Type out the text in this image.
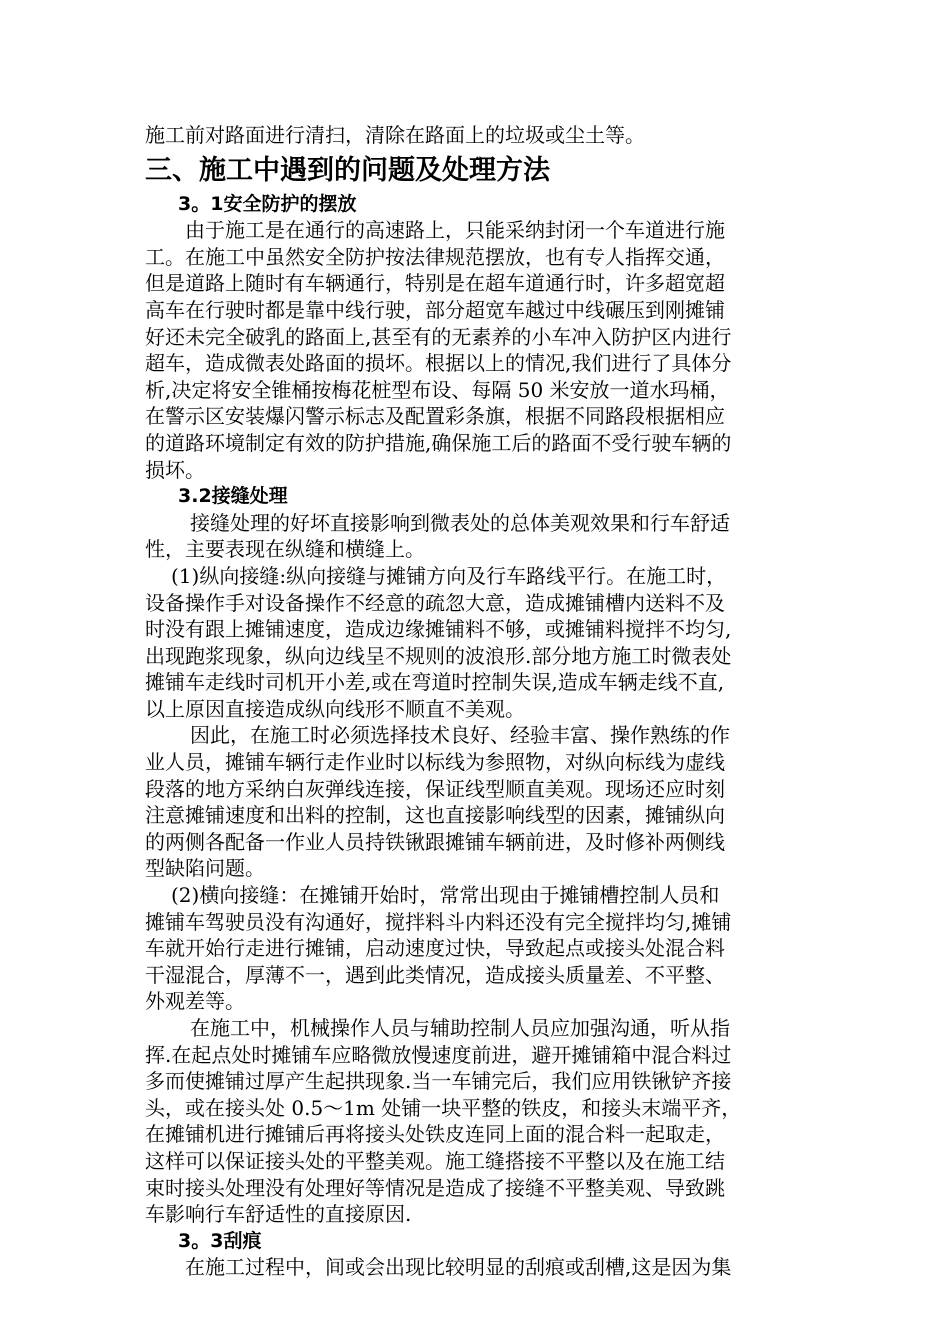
施工前对路面进行清扫，清除在路面上的垃圾或尘土等。
三、施工中遇到的问题及处理方法
3。1安全防护的摆放
由于施工是在通行的高速路上，只能采纳封闭一个车道进行施
工。在施工中虽然安全防护按法律规范摆放，也有专人指挥交通，
但是道路上随时有车辆通行，特别是在超车道通行时，许多超宽超
高车在行驶时都是靠中线行驶，部分超宽车越过中线碾压到刚摊铺
好还未完全破乳的路面上,甚至有的无素养的小车冲入防护区内进行
超车，造成微表处路面的损坏。根据以上的情况,我们进行了具体分
析,决定将安全锥桶按梅花桩型布设、每隔 50 米安放一道水玛桶，
在警示区安装爆闪警示标志及配置彩条旗，根据不同路段根据相应
的道路环境制定有效的防护措施,确保施工后的路面不受行驶车辆的
损坏。
3.2接缝处理
接缝处理的好坏直接影响到微表处的总体美观效果和行车舒适
性，主要表现在纵缝和横缝上。
(1)纵向接缝:纵向接缝与摊铺方向及行车路线平行。在施工时，
设备操作手对设备操作不经意的疏忽大意，造成摊铺槽内送料不及
时没有跟上摊铺速度，造成边缘摊铺料不够，或摊铺料搅拌不均匀,
出现跑浆现象，纵向边线呈不规则的波浪形.部分地方施工时微表处
摊铺车走线时司机开小差,或在弯道时控制失误,造成车辆走线不直,
以上原因直接造成纵向线形不顺直不美观。
因此，在施工时必须选择技术良好、经验丰富、操作熟练的作
业人员，摊铺车辆行走作业时以标线为参照物，对纵向标线为虚线
段落的地方采纳白灰弹线连接，保证线型顺直美观。现场还应时刻
注意摊铺速度和出料的控制，这也直接影响线型的因素，摊铺纵向
的两侧各配备一作业人员持铁锹跟摊铺车辆前进，及时修补两侧线
型缺陷问题。
(2)横向接缝：在摊铺开始时，常常出现由于摊铺槽控制人员和
摊铺车驾驶员没有沟通好，搅拌料斗内料还没有完全搅拌均匀,摊铺
车就开始行走进行摊铺，启动速度过快，导致起点或接头处混合料
干湿混合，厚薄不一，遇到此类情况，造成接头质量差、不平整、
外观差等。
在施工中，机械操作人员与辅助控制人员应加强沟通，听从指
挥.在起点处时摊铺车应略微放慢速度前进，避开摊铺箱中混合料过
多而使摊铺过厚产生起拱现象.当一车铺完后，我们应用铁锹铲齐接
头，或在接头处 0.5～1m 处铺一块平整的铁皮，和接头末端平齐，
在摊铺机进行摊铺后再将接头处铁皮连同上面的混合料一起取走，
这样可以保证接头处的平整美观。施工缝搭接不平整以及在施工结
束时接头处理没有处理好等情况是造成了接缝不平整美观、导致跳
车影响行车舒适性的直接原因.
3。3刮痕
在施工过程中，间或会出现比较明显的刮痕或刮槽,这是因为集
